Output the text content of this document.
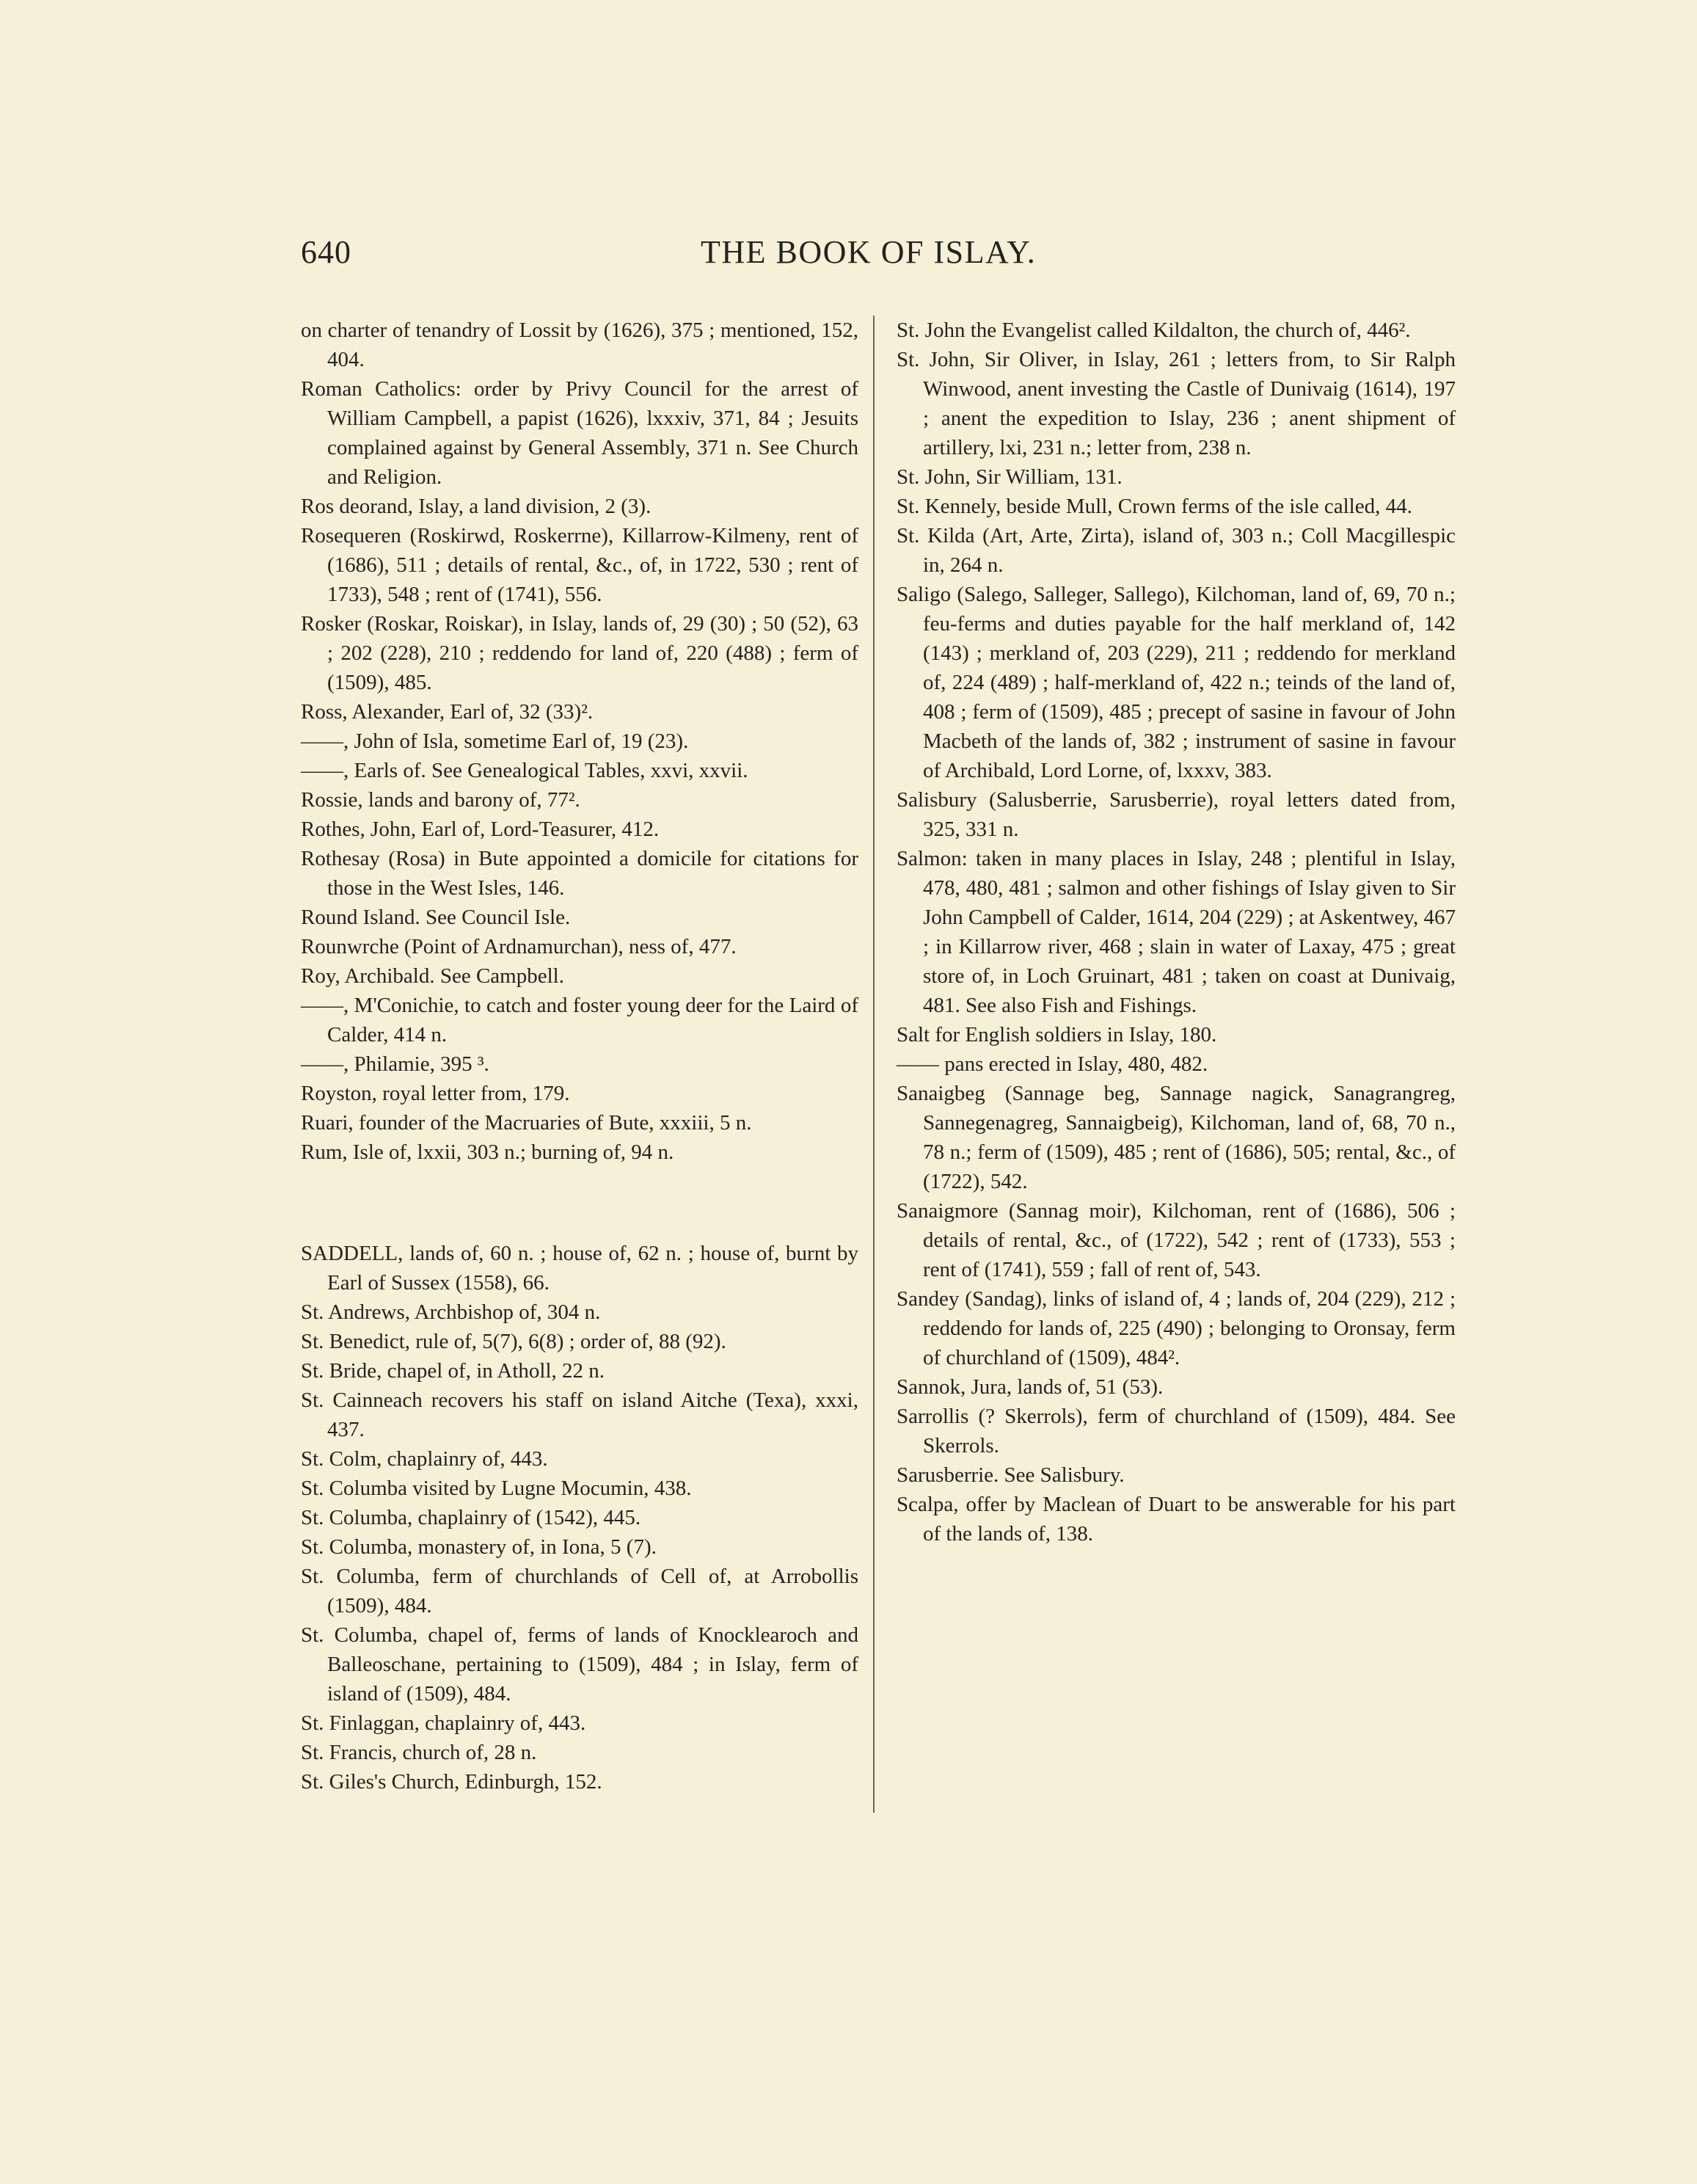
640	THE BOOK OF ISLAY.

on charter of tenandry of Lossit by (1626), 375 ; mentioned, 152, 404.

Roman Catholics: order by Privy Council for the arrest of William Campbell, a papist (1626), lxxxiv, 371, 84 ; Jesuits complained against by General Assembly, 371 n. See Church and Religion.

Ros deorand, Islay, a land division, 2 (3).

Rosequeren (Roskirwd, Roskerrne), Killarrow-Kilmeny, rent of (1686), 511 ; details of rental, &c., of, in 1722, 530 ; rent of 1733), 548 ; rent of (1741), 556.

Rosker (Roskar, Roiskar), in Islay, lands of, 29 (30) ; 50 (52), 63 ; 202 (228), 210 ; reddendo for land of, 220 (488) ; ferm of (1509), 485.

Ross, Alexander, Earl of, 32 (33)².

——, John of Isla, sometime Earl of, 19 (23).

——, Earls of. See Genealogical Tables, xxvi, xxvii.

Rossie, lands and barony of, 77².

Rothes, John, Earl of, Lord-Teasurer, 412.

Rothesay (Rosa) in Bute appointed a domicile for citations for those in the West Isles, 146.

Round Island. See Council Isle.

Rounwrche (Point of Ardnamurchan), ness of, 477.

Roy, Archibald. See Campbell.

——, M'Conichie, to catch and foster young deer for the Laird of Calder, 414 n.

——, Philamie, 395 ³.

Royston, royal letter from, 179.

Ruari, founder of the Macruaries of Bute, xxxiii, 5 n.

Rum, Isle of, lxxii, 303 n.; burning of, 94 n.

SADDELL, lands of, 60 n. ; house of, 62 n. ; house of, burnt by Earl of Sussex (1558), 66.

St. Andrews, Archbishop of, 304 n.

St. Benedict, rule of, 5(7), 6(8) ; order of, 88 (92).

St. Bride, chapel of, in Atholl, 22 n.

St. Cainneach recovers his staff on island Aitche (Texa), xxxi, 437.

St. Colm, chaplainry of, 443.

St. Columba visited by Lugne Mocumin, 438.

St. Columba, chaplainry of (1542), 445.

St. Columba, monastery of, in Iona, 5 (7).

St. Columba, ferm of churchlands of Cell of, at Arrobollis (1509), 484.

St. Columba, chapel of, ferms of lands of Knocklearoch and Balleoschane, pertaining to (1509), 484 ; in Islay, ferm of island of (1509), 484.

St. Finlaggan, chaplainry of, 443.

St. Francis, church of, 28 n.

St. Giles's Church, Edinburgh, 152.

St. John the Evangelist called Kildalton, the church of, 446².

St. John, Sir Oliver, in Islay, 261 ; letters from, to Sir Ralph Winwood, anent investing the Castle of Dunivaig (1614), 197 ; anent the expedition to Islay, 236 ; anent shipment of artillery, lxi, 231 n.; letter from, 238 n.

St. John, Sir William, 131.

St. Kennely, beside Mull, Crown ferms of the isle called, 44.

St. Kilda (Art, Arte, Zirta), island of, 303 n.; Coll Macgillespic in, 264 n.

Saligo (Salego, Salleger, Sallego), Kilchoman, land of, 69, 70 n.; feu-ferms and duties payable for the half merkland of, 142 (143) ; merkland of, 203 (229), 211 ; reddendo for merkland of, 224 (489) ; half-merkland of, 422 n.; teinds of the land of, 408 ; ferm of (1509), 485 ; precept of sasine in favour of John Macbeth of the lands of, 382 ; instrument of sasine in favour of Archibald, Lord Lorne, of, lxxxv, 383.

Salisbury (Salusberrie, Sarusberrie), royal letters dated from, 325, 331 n.

Salmon: taken in many places in Islay, 248 ; plentiful in Islay, 478, 480, 481 ; salmon and other fishings of Islay given to Sir John Campbell of Calder, 1614, 204 (229) ; at Askentwey, 467 ; in Killarrow river, 468 ; slain in water of Laxay, 475 ; great store of, in Loch Gruinart, 481 ; taken on coast at Dunivaig, 481. See also Fish and Fishings.

Salt for English soldiers in Islay, 180.

—— pans erected in Islay, 480, 482.

Sanaigbeg (Sannage beg, Sannage nagick, Sanagrangreg, Sannegenagreg, Sannaigbeig), Kilchoman, land of, 68, 70 n., 78 n.; ferm of (1509), 485 ; rent of (1686), 505; rental, &c., of (1722), 542.

Sanaigmore (Sannag moir), Kilchoman, rent of (1686), 506 ; details of rental, &c., of (1722), 542 ; rent of (1733), 553 ; rent of (1741), 559 ; fall of rent of, 543.

Sandey (Sandag), links of island of, 4 ; lands of, 204 (229), 212 ; reddendo for lands of, 225 (490) ; belonging to Oronsay, ferm of churchland of (1509), 484².

Sannok, Jura, lands of, 51 (53).

Sarrollis (? Skerrols), ferm of churchland of (1509), 484. See Skerrols.

Sarusberrie. See Salisbury.

Scalpa, offer by Maclean of Duart to be answerable for his part of the lands of, 138.
